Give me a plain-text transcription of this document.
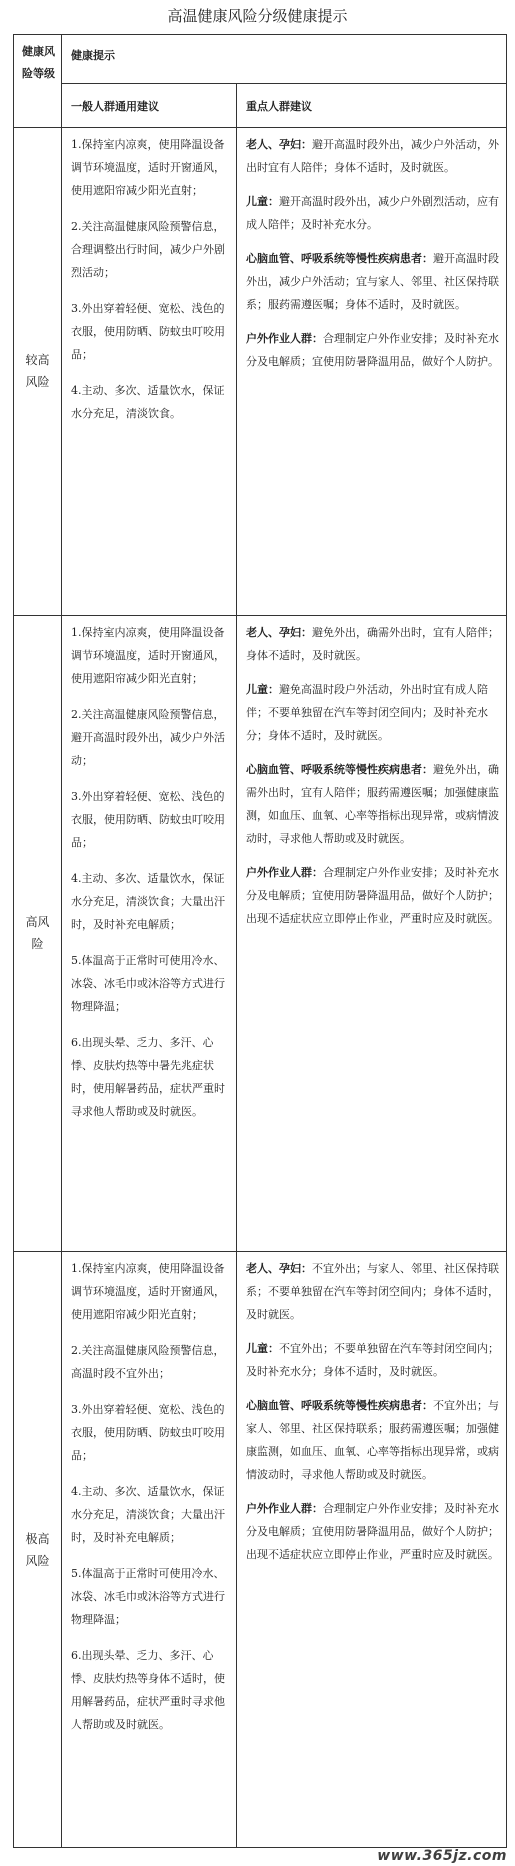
高温健康风险分级健康提示
健康风险等级
健康提示
一般人群通用建议	重点人群建议
较高风险

1.保持室内凉爽，使用降温设备调节环境温度，适时开窗通风，使用遮阳帘减少阳光直射；

2.关注高温健康风险预警信息，合理调整出行时间，减少户外剧烈活动；

3.外出穿着轻便、宽松、浅色的衣服，使用防晒、防蚊虫叮咬用品；

4.主动、多次、适量饮水，保证水分充足，清淡饮食。

老人、孕妇：避开高温时段外出，减少户外活动，外出时宜有人陪伴；身体不适时，及时就医。

儿童：避开高温时段外出，减少户外剧烈活动，应有成人陪伴；及时补充水分。

心脑血管、呼吸系统等慢性疾病患者：避开高温时段外出，减少户外活动；宜与家人、邻里、社区保持联系；服药需遵医嘱；身体不适时，及时就医。

户外作业人群：合理制定户外作业安排；及时补充水分及电解质；宜使用防暑降温用品，做好个人防护。

高风险

1.保持室内凉爽，使用降温设备调节环境温度，适时开窗通风，使用遮阳帘减少阳光直射；

2.关注高温健康风险预警信息，避开高温时段外出，减少户外活动；

3.外出穿着轻便、宽松、浅色的衣服，使用防晒、防蚊虫叮咬用品；

4.主动、多次、适量饮水，保证水分充足，清淡饮食；大量出汗时，及时补充电解质；

5.体温高于正常时可使用冷水、冰袋、冰毛巾或沐浴等方式进行物理降温；

6.出现头晕、乏力、多汗、心悸、皮肤灼热等中暑先兆症状时，使用解暑药品，症状严重时寻求他人帮助或及时就医。

老人、孕妇：避免外出，确需外出时，宜有人陪伴；身体不适时，及时就医。

儿童：避免高温时段户外活动，外出时宜有成人陪伴；不要单独留在汽车等封闭空间内；及时补充水分；身体不适时，及时就医。

心脑血管、呼吸系统等慢性疾病患者：避免外出，确需外出时，宜有人陪伴；服药需遵医嘱；加强健康监测，如血压、血氧、心率等指标出现异常，或病情波动时，寻求他人帮助或及时就医。

户外作业人群：合理制定户外作业安排；及时补充水分及电解质；宜使用防暑降温用品，做好个人防护；出现不适症状应立即停止作业，严重时应及时就医。

极高风险

1.保持室内凉爽，使用降温设备调节环境温度，适时开窗通风，使用遮阳帘减少阳光直射；

2.关注高温健康风险预警信息，高温时段不宜外出；

3.外出穿着轻便、宽松、浅色的衣服，使用防晒、防蚊虫叮咬用品；

4.主动、多次、适量饮水，保证水分充足，清淡饮食；大量出汗时，及时补充电解质；

5.体温高于正常时可使用冷水、冰袋、冰毛巾或沐浴等方式进行物理降温；

6.出现头晕、乏力、多汗、心悸、皮肤灼热等身体不适时，使用解暑药品，症状严重时寻求他人帮助或及时就医。

老人、孕妇：不宜外出；与家人、邻里、社区保持联系；不要单独留在汽车等封闭空间内；身体不适时，及时就医。

儿童：不宜外出；不要单独留在汽车等封闭空间内；及时补充水分；身体不适时，及时就医。

心脑血管、呼吸系统等慢性疾病患者：不宜外出；与家人、邻里、社区保持联系；服药需遵医嘱；加强健康监测，如血压、血氧、心率等指标出现异常，或病情波动时，寻求他人帮助或及时就医。

户外作业人群：合理制定户外作业安排；及时补充水分及电解质；宜使用防暑降温用品，做好个人防护；出现不适症状应立即停止作业，严重时应及时就医。

www.365jz.com
